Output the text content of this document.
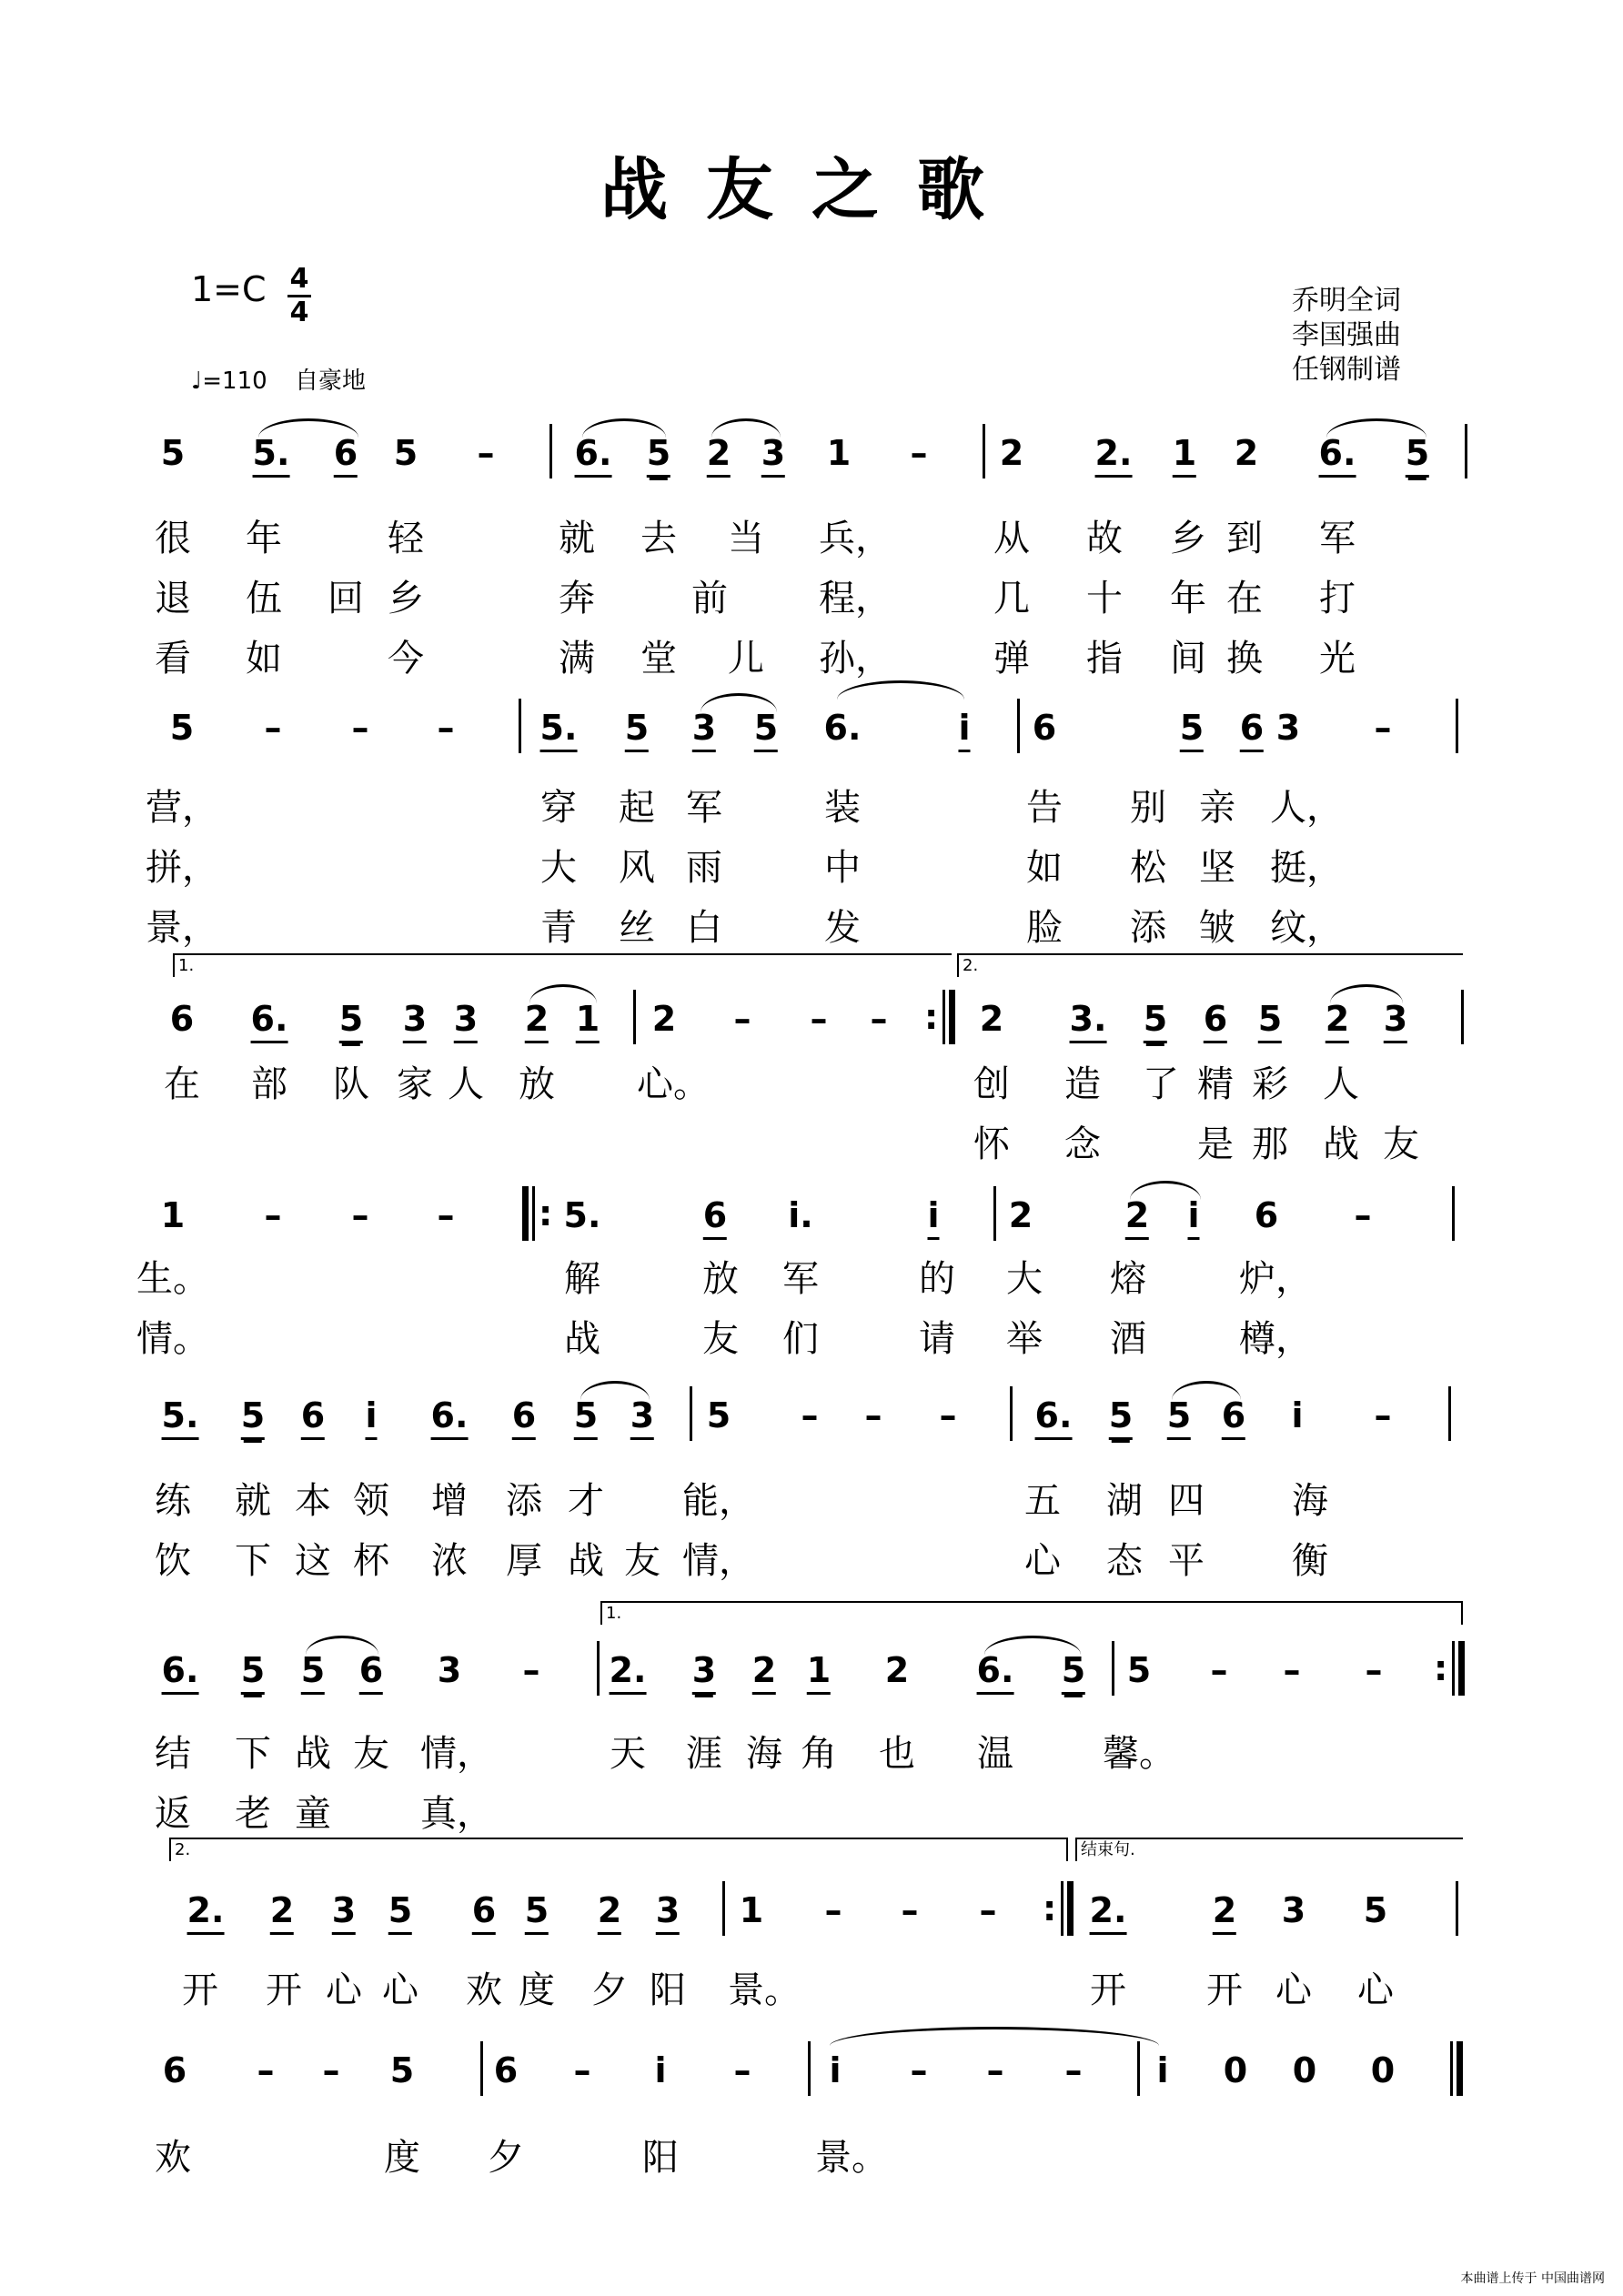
战友之歌
1=C 4
4
♩=110 自豪地
乔明全词
李国强曲
任钢制谱
5 5. 6 5 – 6. 5 2 3 1 – 2 2. 1 2 6. 5
很 年	轻	就 去 当 兵，	从 故 乡 到 军
退 伍 回 乡	奔	前	程，	几 十 年 在 打
看 如	今	满 堂 儿 孙，	弹 指 间 换 光
5 – – – 5. 5 3 5 6.	i 6	5 6 3 –
营，	穿 起 军	装	告 别 亲 人，
拼，	大 风 雨	中	如 松 坚 挺，
景，	青 丝 白	发	脸 添 皱 纹，
1.	2.
6 6. 5 3 3 2 1 2 – – – : 2 3. 5 6 5 2 3
在 部 队 家 人 放 心。	创 造 了 精 彩 人
怀 念	是 那 战 友
1 – – – : 5.	6 i.	i 2	2 i 6 –
生。	解	放 军	的 大 熔	炉，
情。	战	友 们	请 举 酒	樽，
5. 5 6 i 6. 6 5 3 5 – – – 6. 5 5 6 i –
练 就 本 领 增 添 才 能，	五 湖 四 海
饮 下 这 杯 浓 厚 战 友 情，	心 态 平 衡
1.
6. 5 5 6 3 – 2. 3 2 1 2 6. 5 5 – – – :
结 下 战 友 情，	天 涯 海 角 也 温 馨。
返 老 童 真，
2.	结束句.
2. 2 3 5 6 5 2 3 1 – – – : 2. 2 3 5
开 开 心 心 欢 度 夕 阳 景。	开 开 心 心
6 – – 5 6 – i – i – – – i 0 0 0
欢	度 夕	阳	景。
本曲谱上传于 中国曲谱网
